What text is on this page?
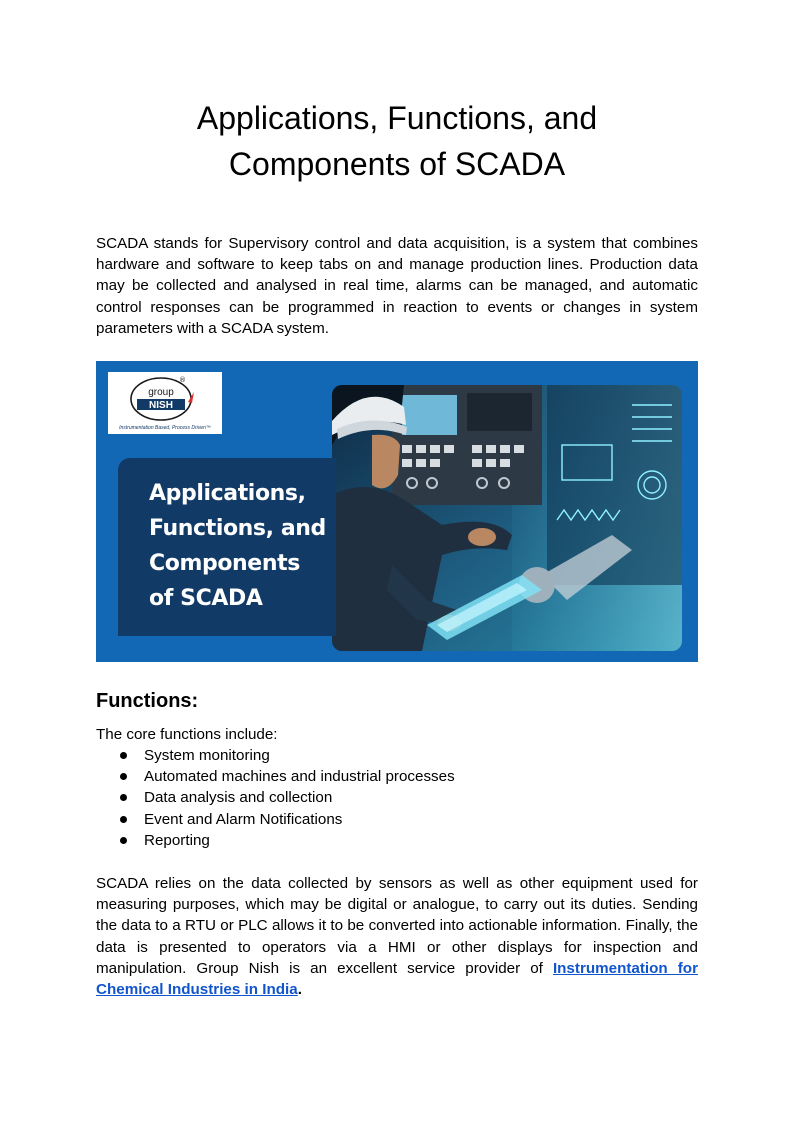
Applications, Functions, and
Components of SCADA
SCADA stands for Supervisory control and data acquisition, is a system that combines hardware and software to keep tabs on and manage production lines. Production data may be collected and analysed in real time, alarms can be managed, and automatic control responses can be programmed in reaction to events or changes in system parameters with a SCADA system.
®
group
NISH
Instrumentation Based, Process Driven™
Applications,
Functions, and
Components
of SCADA
Functions:
The core functions include:
System monitoring
Automated machines and industrial processes
Data analysis and collection
Event and Alarm Notifications
Reporting
SCADA relies on the data collected by sensors as well as other equipment used for measuring purposes, which may be digital or analogue, to carry out its duties. Sending the data to a RTU or PLC allows it to be converted into actionable information. Finally, the data is presented to operators via a HMI or other displays for inspection and manipulation. Group Nish is an excellent service provider of Instrumentation for Chemical Industries in India.
